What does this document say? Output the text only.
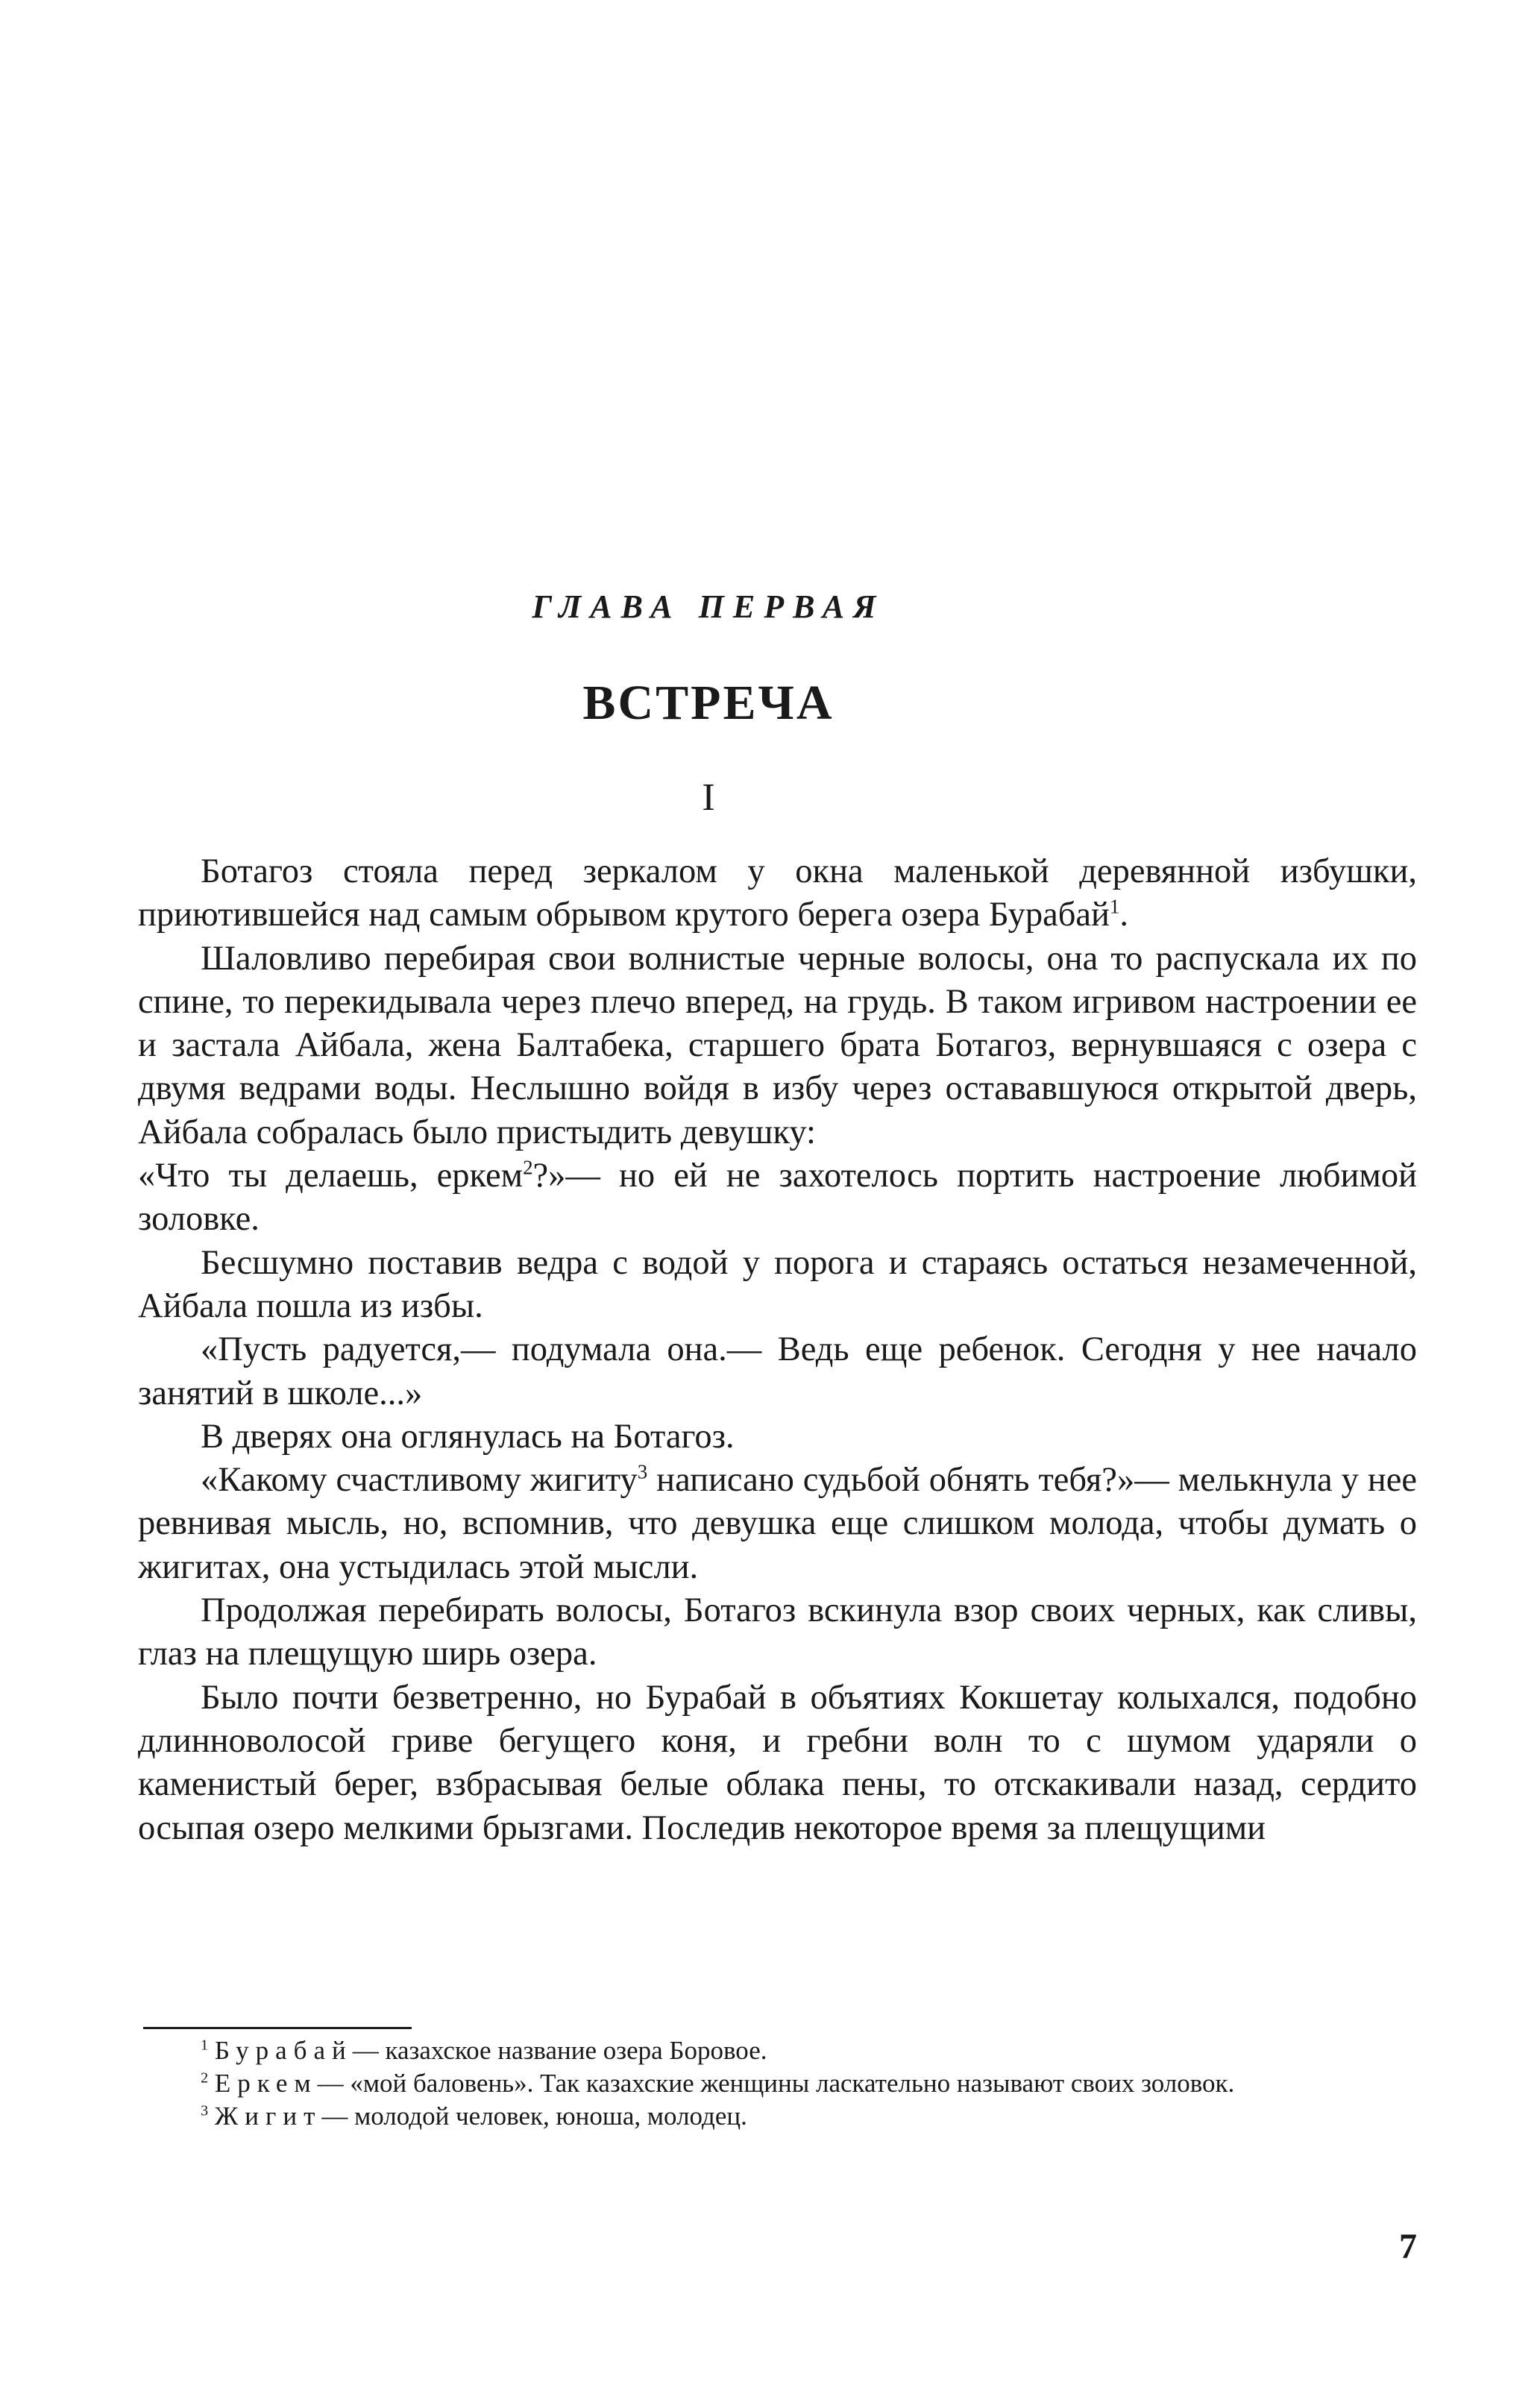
ГЛАВА ПЕРВАЯ
ВСТРЕЧА
I

Ботагоз стояла перед зеркалом у окна маленькой деревянной избушки, приютившейся над самым обрывом крутого берега озера Бурабай$^1$.

Шаловливо перебирая свои волнистые черные волосы, она то распускала их по спине, то перекидывала через плечо вперед, на грудь. В таком игривом настроении ее и застала Айбала, жена Балтабека, старшего брата Ботагоз, вернувшаяся с озера с двумя ведрами воды. Неслышно войдя в избу через остававшуюся открытой дверь, Айбала собралась было пристыдить девушку:

«Что ты делаешь, еркем$^2$?»— но ей не захотелось портить настроение любимой золовке.

Бесшумно поставив ведра с водой у порога и стараясь остаться незамеченной, Айбала пошла из избы.

«Пусть радуется,— подумала она.— Ведь еще ребенок. Сегодня у нее начало занятий в школе...»

В дверях она оглянулась на Ботагоз.

«Какому счастливому жигиту$^3$ написано судьбой обнять тебя?»— мелькнула у нее ревнивая мысль, но, вспомнив, что девушка еще слишком молода, чтобы думать о жигитах, она устыдилась этой мысли.

Продолжая перебирать волосы, Ботагоз вскинула взор своих черных, как сливы, глаз на плещущую ширь озера.

Было почти безветренно, но Бурабай в объятиях Кокшетау колыхался, подобно длинноволосой гриве бегущего коня, и гребни волн то с шумом ударяли о каменистый берег, взбрасывая белые облака пены, то отскакивали назад, сердито осыпая озеро мелкими брызгами. Последив некоторое время за плещущими

$^1$ Бурабай— казахское название озера Боровое.

$^2$ Еркем— «мой баловень». Так казахские женщины ласкательно называют своих золовок.

$^3$ Жигит— молодой человек, юноша, молодец.

7
